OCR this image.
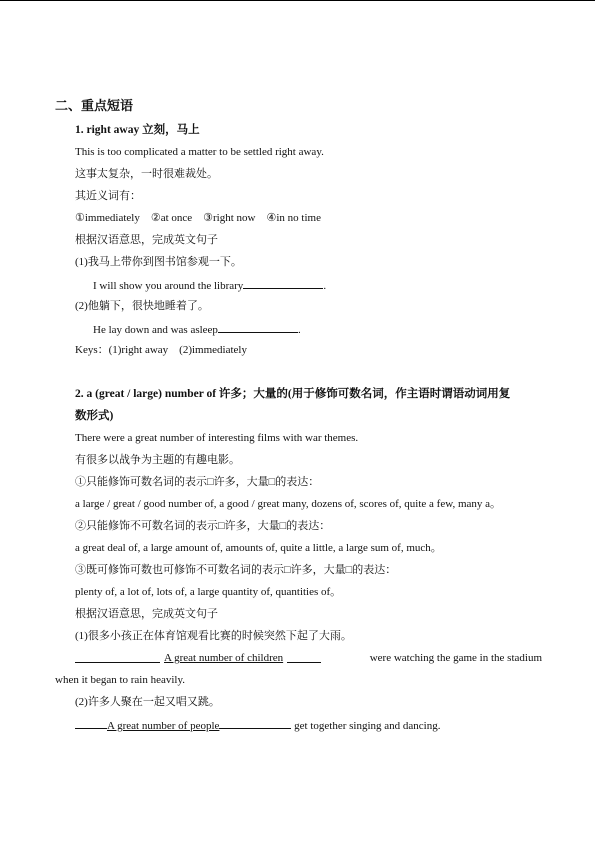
二、重点短语
1. right away 立刻，马上
This is too complicated a matter to be settled right away.
这事太复杂，一时很难裁处。
其近义词有：
①immediately    ②at once    ③right now    ④in no time
根据汉语意思，完成英文句子
(1)我马上带你到图书馆参观一下。
I will show you around the library	.
(2)他躺下，很快地睡着了。
He lay down and was asleep	.
Keys：(1)right away    (2)immediately
2. a (great / large) number of 许多；大量的(用于修饰可数名词，作主语时谓语动词用复
数形式)
There were a great number of interesting films with war themes.
有很多以战争为主题的有趣电影。
①只能修饰可数名词的表示□许多，大量□的表达：
a large / great / good number of, a good / great many, dozens of, scores of, quite a few, many a。
②只能修饰不可数名词的表示□许多，大量□的表达：
a great deal of, a large amount of, amounts of, quite a little, a large sum of, much。
③既可修饰可数也可修饰不可数名词的表示□许多，大量□的表达：
plenty of, a lot of, lots of, a large quantity of, quantities of。
根据汉语意思，完成英文句子
(1)很多小孩正在体育馆观看比赛的时候突然下起了大雨。
A great number of children	were watching the game in the stadium
when it began to rain heavily.
(2)许多人聚在一起又唱又跳。
A great number of people	get together singing and dancing.
